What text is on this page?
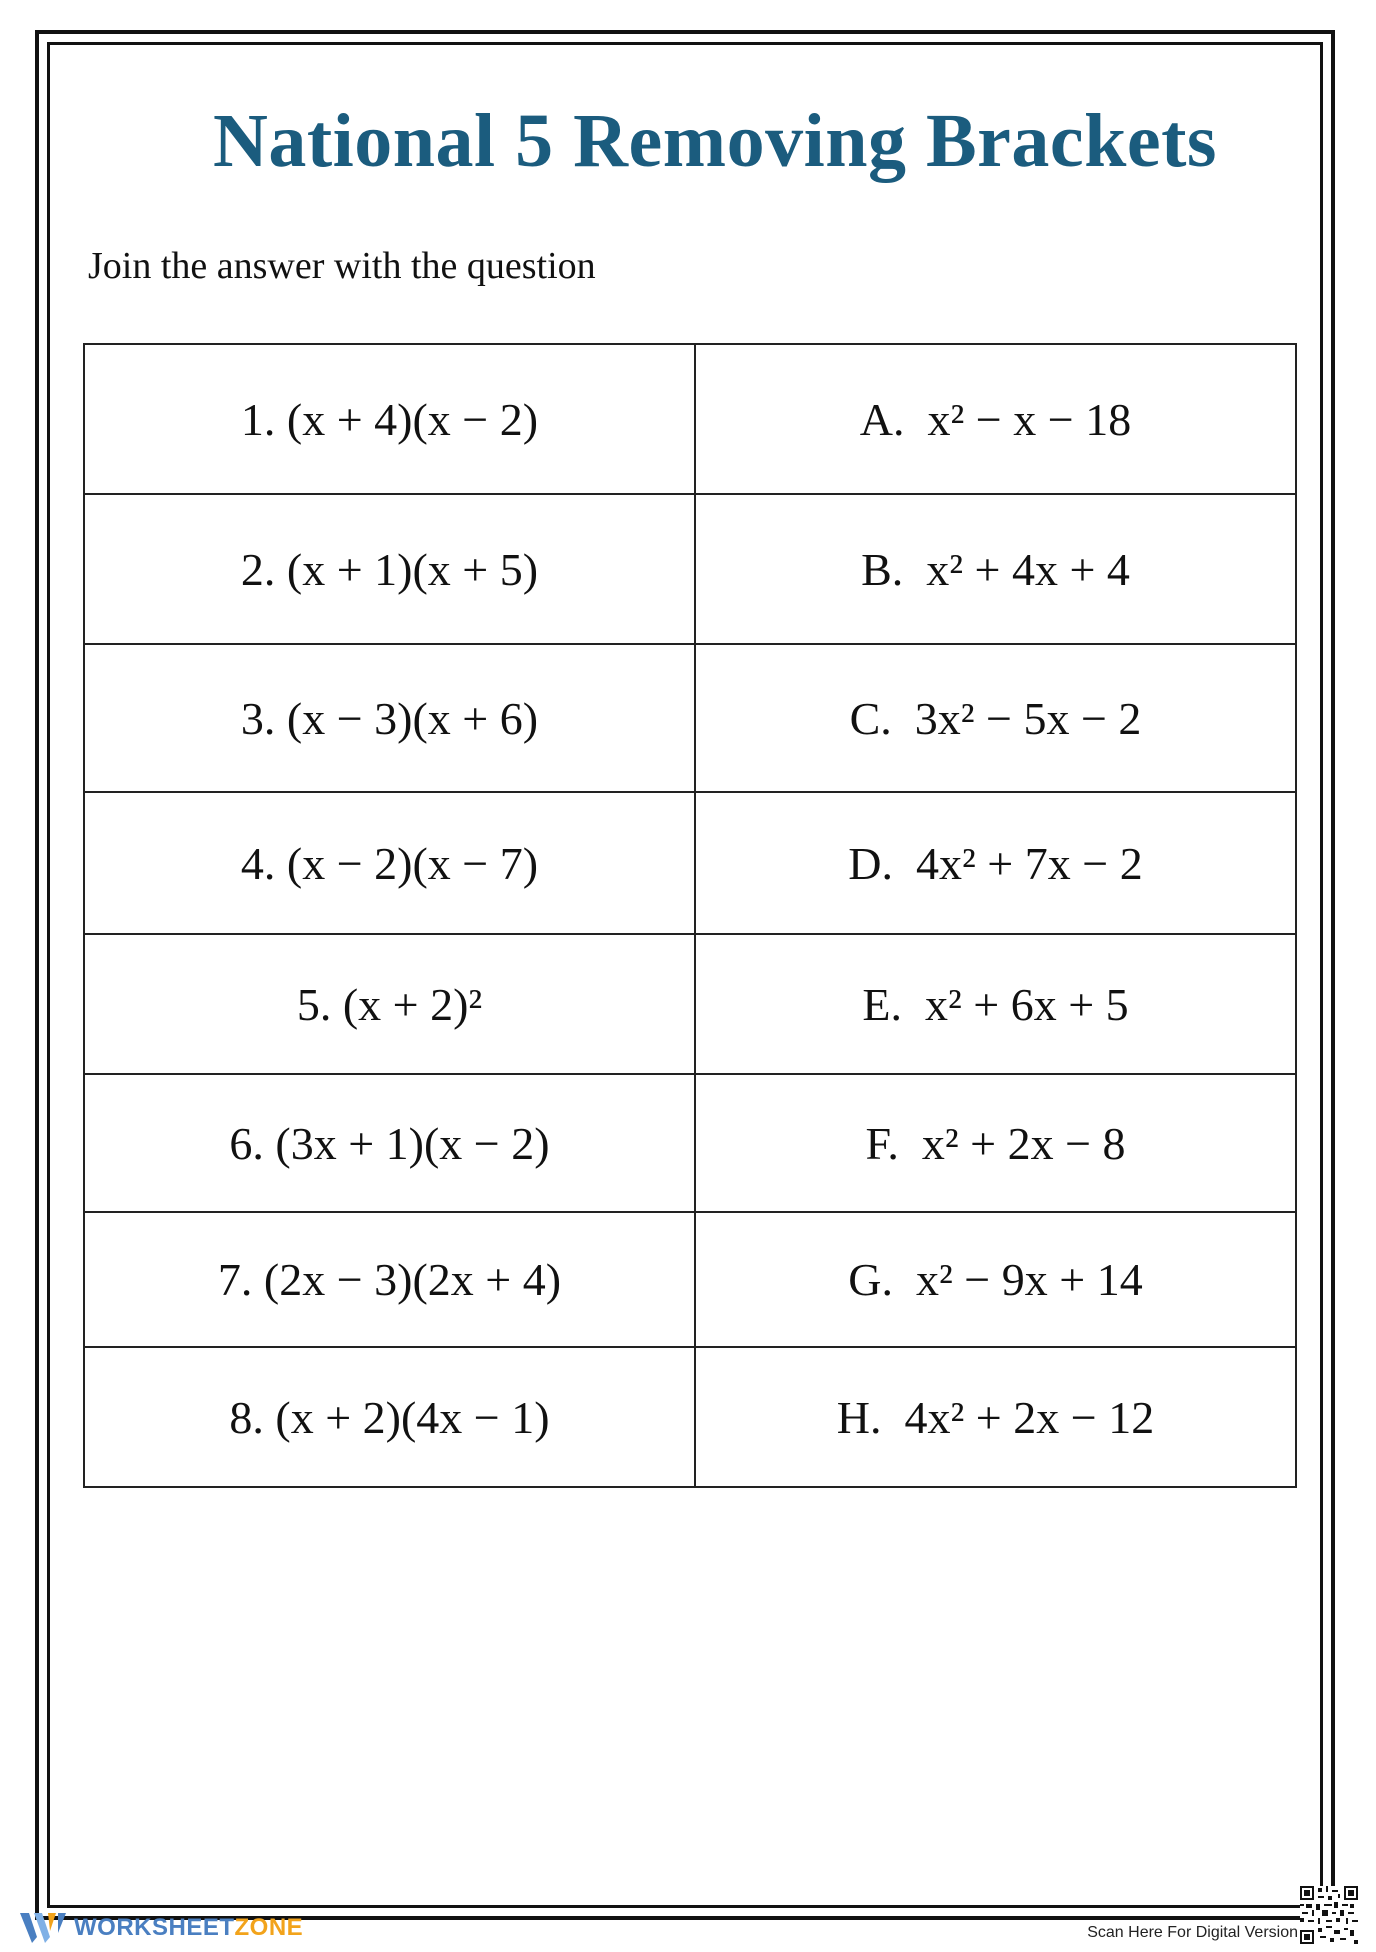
National 5 Removing Brackets

Join the answer with the question

1. (x + 4)(x − 2)	A.  x² − x − 18
2. (x + 1)(x + 5)	B.  x² + 4x + 4
3. (x − 3)(x + 6)	C.  3x² − 5x − 2
4. (x − 2)(x − 7)	D.  4x² + 7x − 2
5. (x + 2)²	E.  x² + 6x + 5
6. (3x + 1)(x − 2)	F.  x² + 2x − 8
7. (2x − 3)(2x + 4)	G.  x² − 9x + 14
8. (x + 2)(4x − 1)	H.  4x² + 2x − 12
WORKSHEETZONE	Scan Here For Digital Version
